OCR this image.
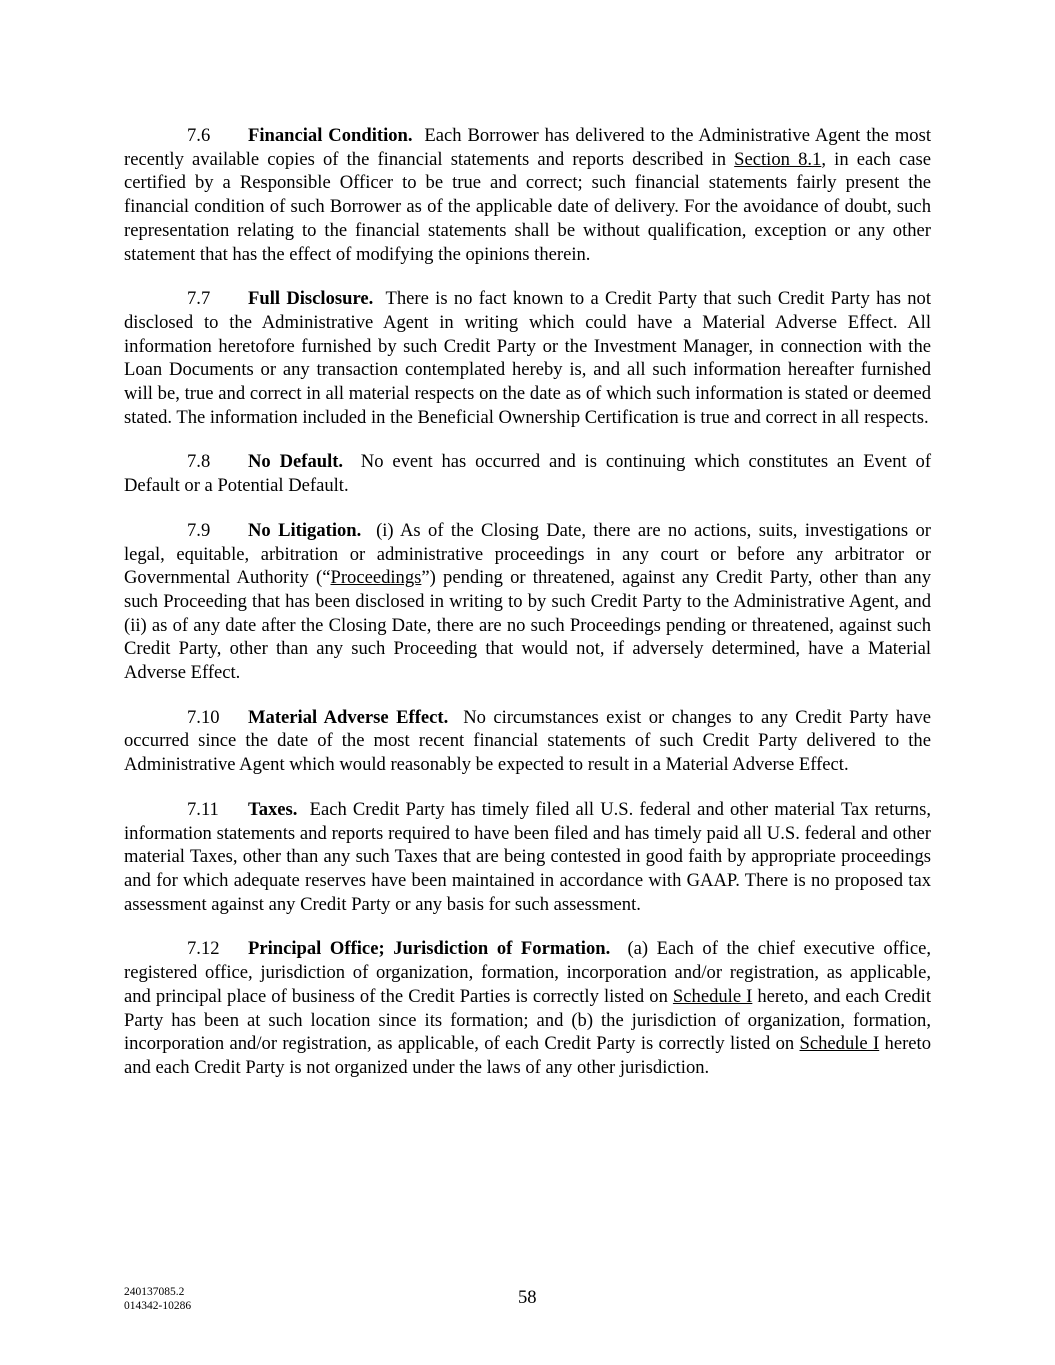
7.6 Financial Condition. Each Borrower has delivered to the Administrative Agent the most recently available copies of the financial statements and reports described in Section 8.1, in each case certified by a Responsible Officer to be true and correct; such financial statements fairly present the financial condition of such Borrower as of the applicable date of delivery. For the avoidance of doubt, such representation relating to the financial statements shall be without qualification, exception or any other statement that has the effect of modifying the opinions therein.

7.7 Full Disclosure. There is no fact known to a Credit Party that such Credit Party has not disclosed to the Administrative Agent in writing which could have a Material Adverse Effect. All information heretofore furnished by such Credit Party or the Investment Manager, in connection with the Loan Documents or any transaction contemplated hereby is, and all such information hereafter furnished will be, true and correct in all material respects on the date as of which such information is stated or deemed stated. The information included in the Beneficial Ownership Certification is true and correct in all respects.

7.8 No Default. No event has occurred and is continuing which constitutes an Event of Default or a Potential Default.

7.9 No Litigation. (i) As of the Closing Date, there are no actions, suits, investigations or legal, equitable, arbitration or administrative proceedings in any court or before any arbitrator or Governmental Authority (“Proceedings”) pending or threatened, against any Credit Party, other than any such Proceeding that has been disclosed in writing to by such Credit Party to the Administrative Agent, and (ii) as of any date after the Closing Date, there are no such Proceedings pending or threatened, against such Credit Party, other than any such Proceeding that would not, if adversely determined, have a Material Adverse Effect.

7.10 Material Adverse Effect. No circumstances exist or changes to any Credit Party have occurred since the date of the most recent financial statements of such Credit Party delivered to the Administrative Agent which would reasonably be expected to result in a Material Adverse Effect.

7.11 Taxes. Each Credit Party has timely filed all U.S. federal and other material Tax returns, information statements and reports required to have been filed and has timely paid all U.S. federal and other material Taxes, other than any such Taxes that are being contested in good faith by appropriate proceedings and for which adequate reserves have been maintained in accordance with GAAP. There is no proposed tax assessment against any Credit Party or any basis for such assessment.

7.12 Principal Office; Jurisdiction of Formation. (a) Each of the chief executive office, registered office, jurisdiction of organization, formation, incorporation and/or registration, as applicable, and principal place of business of the Credit Parties is correctly listed on Schedule I hereto, and each Credit Party has been at such location since its formation; and (b) the jurisdiction of organization, formation, incorporation and/or registration, as applicable, of each Credit Party is correctly listed on Schedule I hereto and each Credit Party is not organized under the laws of any other jurisdiction.

240137085.2
014342-10286	58
